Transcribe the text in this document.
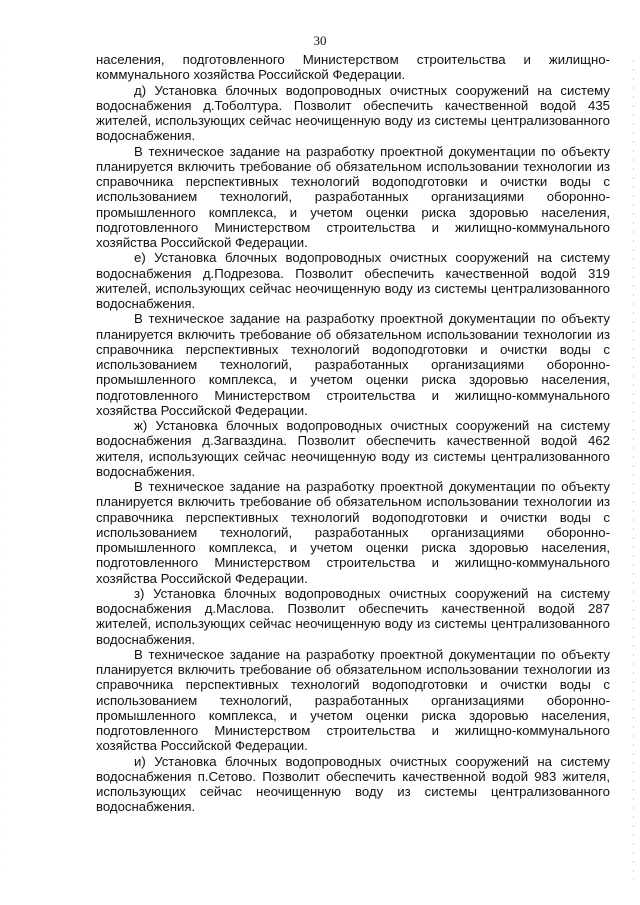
30

населения, подготовленного Министерством строительства и жилищно-коммунального хозяйства Российской Федерации.

д) Установка блочных водопроводных очистных сооружений на систему водоснабжения д.Тоболтура. Позволит обеспечить качественной водой 435 жителей, использующих сейчас неочищенную воду из системы централизованного водоснабжения.

В техническое задание на разработку проектной документации по объекту планируется включить требование об обязательном использовании технологии из справочника перспективных технологий водоподготовки и очистки воды с использованием технологий, разработанных организациями оборонно-промышленного комплекса, и учетом оценки риска здоровью населения, подготовленного Министерством строительства и жилищно-коммунального хозяйства Российской Федерации.

е) Установка блочных водопроводных очистных сооружений на систему водоснабжения д.Подрезова. Позволит обеспечить качественной водой 319 жителей, использующих сейчас неочищенную воду из системы централизованного водоснабжения.

В техническое задание на разработку проектной документации по объекту планируется включить требование об обязательном использовании технологии из справочника перспективных технологий водоподготовки и очистки воды с использованием технологий, разработанных организациями оборонно-промышленного комплекса, и учетом оценки риска здоровью населения, подготовленного Министерством строительства и жилищно-коммунального хозяйства Российской Федерации.

ж) Установка блочных водопроводных очистных сооружений на систему водоснабжения д.Загваздина. Позволит обеспечить качественной водой 462 жителя, использующих сейчас неочищенную воду из системы централизованного водоснабжения.

В техническое задание на разработку проектной документации по объекту планируется включить требование об обязательном использовании технологии из справочника перспективных технологий водоподготовки и очистки воды с использованием технологий, разработанных организациями оборонно-промышленного комплекса, и учетом оценки риска здоровью населения, подготовленного Министерством строительства и жилищно-коммунального хозяйства Российской Федерации.

з) Установка блочных водопроводных очистных сооружений на систему водоснабжения д.Маслова. Позволит обеспечить качественной водой 287 жителей, использующих сейчас неочищенную воду из системы централизованного водоснабжения.

В техническое задание на разработку проектной документации по объекту планируется включить требование об обязательном использовании технологии из справочника перспективных технологий водоподготовки и очистки воды с использованием технологий, разработанных организациями оборонно-промышленного комплекса, и учетом оценки риска здоровью населения, подготовленного Министерством строительства и жилищно-коммунального хозяйства Российской Федерации.

и) Установка блочных водопроводных очистных сооружений на систему водоснабжения п.Сетово. Позволит обеспечить качественной водой 983 жителя, использующих сейчас неочищенную воду из системы централизованного водоснабжения.
